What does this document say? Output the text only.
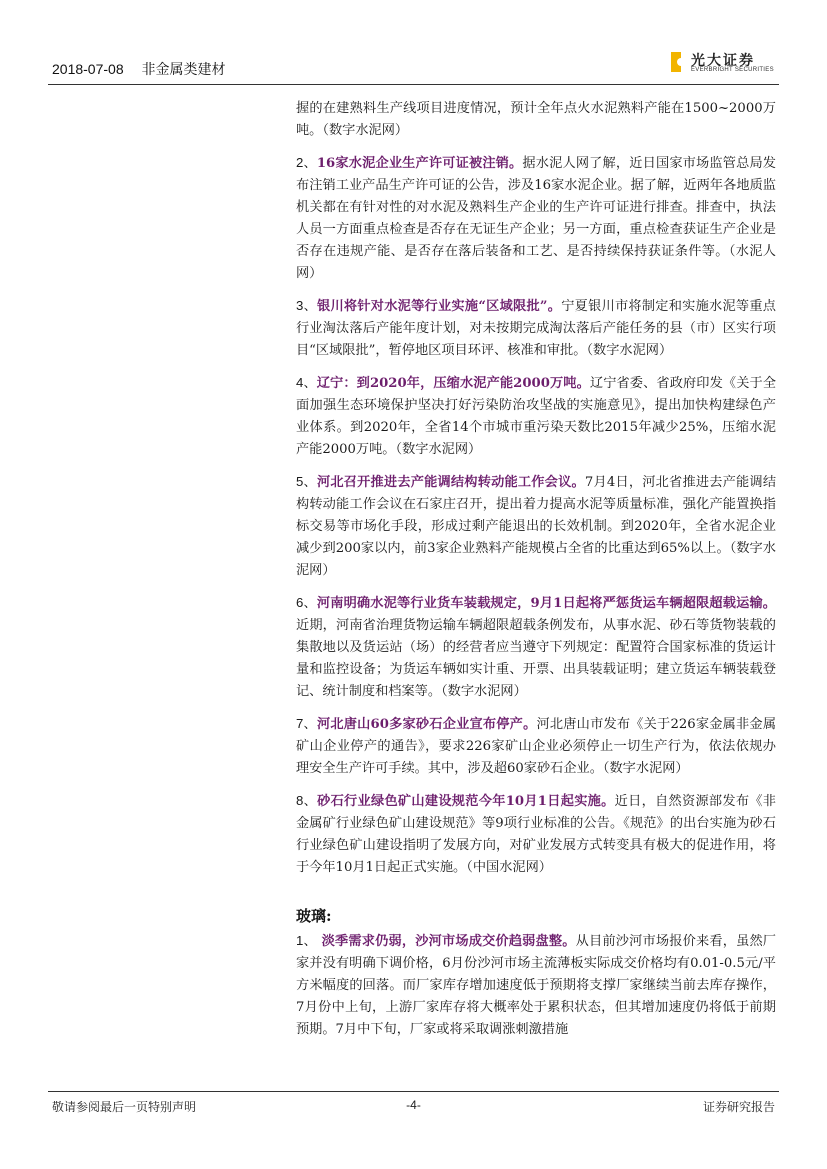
2018-07-08 非金属类建材	光大证券
EVERBRIGHT SECURITIES
握的在建熟料生产线项目进度情况，预计全年点火水泥熟料产能在1500~2000万吨。（数字水泥网）
2、16家水泥企业生产许可证被注销。据水泥人网了解，近日国家市场监管总局发布注销工业产品生产许可证的公告，涉及16家水泥企业。据了解，近两年各地质监机关都在有针对性的对水泥及熟料生产企业的生产许可证进行排查。排查中，执法人员一方面重点检查是否存在无证生产企业；另一方面，重点检查获证生产企业是否存在违规产能、是否存在落后装备和工艺、是否持续保持获证条件等。（水泥人网）
3、银川将针对水泥等行业实施“区域限批”。宁夏银川市将制定和实施水泥等重点行业淘汰落后产能年度计划，对未按期完成淘汰落后产能任务的县（市）区实行项目“区域限批”，暂停地区项目环评、核准和审批。（数字水泥网）
4、辽宁：到2020年，压缩水泥产能2000万吨。辽宁省委、省政府印发《关于全面加强生态环境保护坚决打好污染防治攻坚战的实施意见》，提出加快构建绿色产业体系。到2020年，全省14个市城市重污染天数比2015年减少25%，压缩水泥产能2000万吨。（数字水泥网）
5、河北召开推进去产能调结构转动能工作会议。7月4日，河北省推进去产能调结构转动能工作会议在石家庄召开，提出着力提高水泥等质量标准，强化产能置换指标交易等市场化手段，形成过剩产能退出的长效机制。到2020年，全省水泥企业减少到200家以内，前3家企业熟料产能规模占全省的比重达到65%以上。（数字水泥网）
6、河南明确水泥等行业货车装载规定，9月1日起将严惩货运车辆超限超载运输。近期，河南省治理货物运输车辆超限超载条例发布，从事水泥、砂石等货物装载的集散地以及货运站（场）的经营者应当遵守下列规定：配置符合国家标准的货运计量和监控设备；为货运车辆如实计重、开票、出具装载证明；建立货运车辆装载登记、统计制度和档案等。（数字水泥网）
7、河北唐山60多家砂石企业宣布停产。河北唐山市发布《关于226家金属非金属矿山企业停产的通告》，要求226家矿山企业必须停止一切生产行为，依法依规办理安全生产许可手续。其中，涉及超60家砂石企业。（数字水泥网）
8、砂石行业绿色矿山建设规范今年10月1日起实施。近日，自然资源部发布《非金属矿行业绿色矿山建设规范》等9项行业标准的公告。《规范》的出台实施为砂石行业绿色矿山建设指明了发展方向，对矿业发展方式转变具有极大的促进作用，将于今年10月1日起正式实施。（中国水泥网）
玻璃:
1、 淡季需求仍弱，沙河市场成交价趋弱盘整。从目前沙河市场报价来看，虽然厂家并没有明确下调价格，6月份沙河市场主流薄板实际成交价格均有0.01-0.5元/平方米幅度的回落。而厂家库存增加速度低于预期将支撑厂家继续当前去库存操作，7月份中上旬，上游厂家库存将大概率处于累积状态，但其增加速度仍将低于前期预期。7月中下旬，厂家或将采取调涨刺激措施
敬请参阅最后一页特别声明	-4-	证券研究报告
